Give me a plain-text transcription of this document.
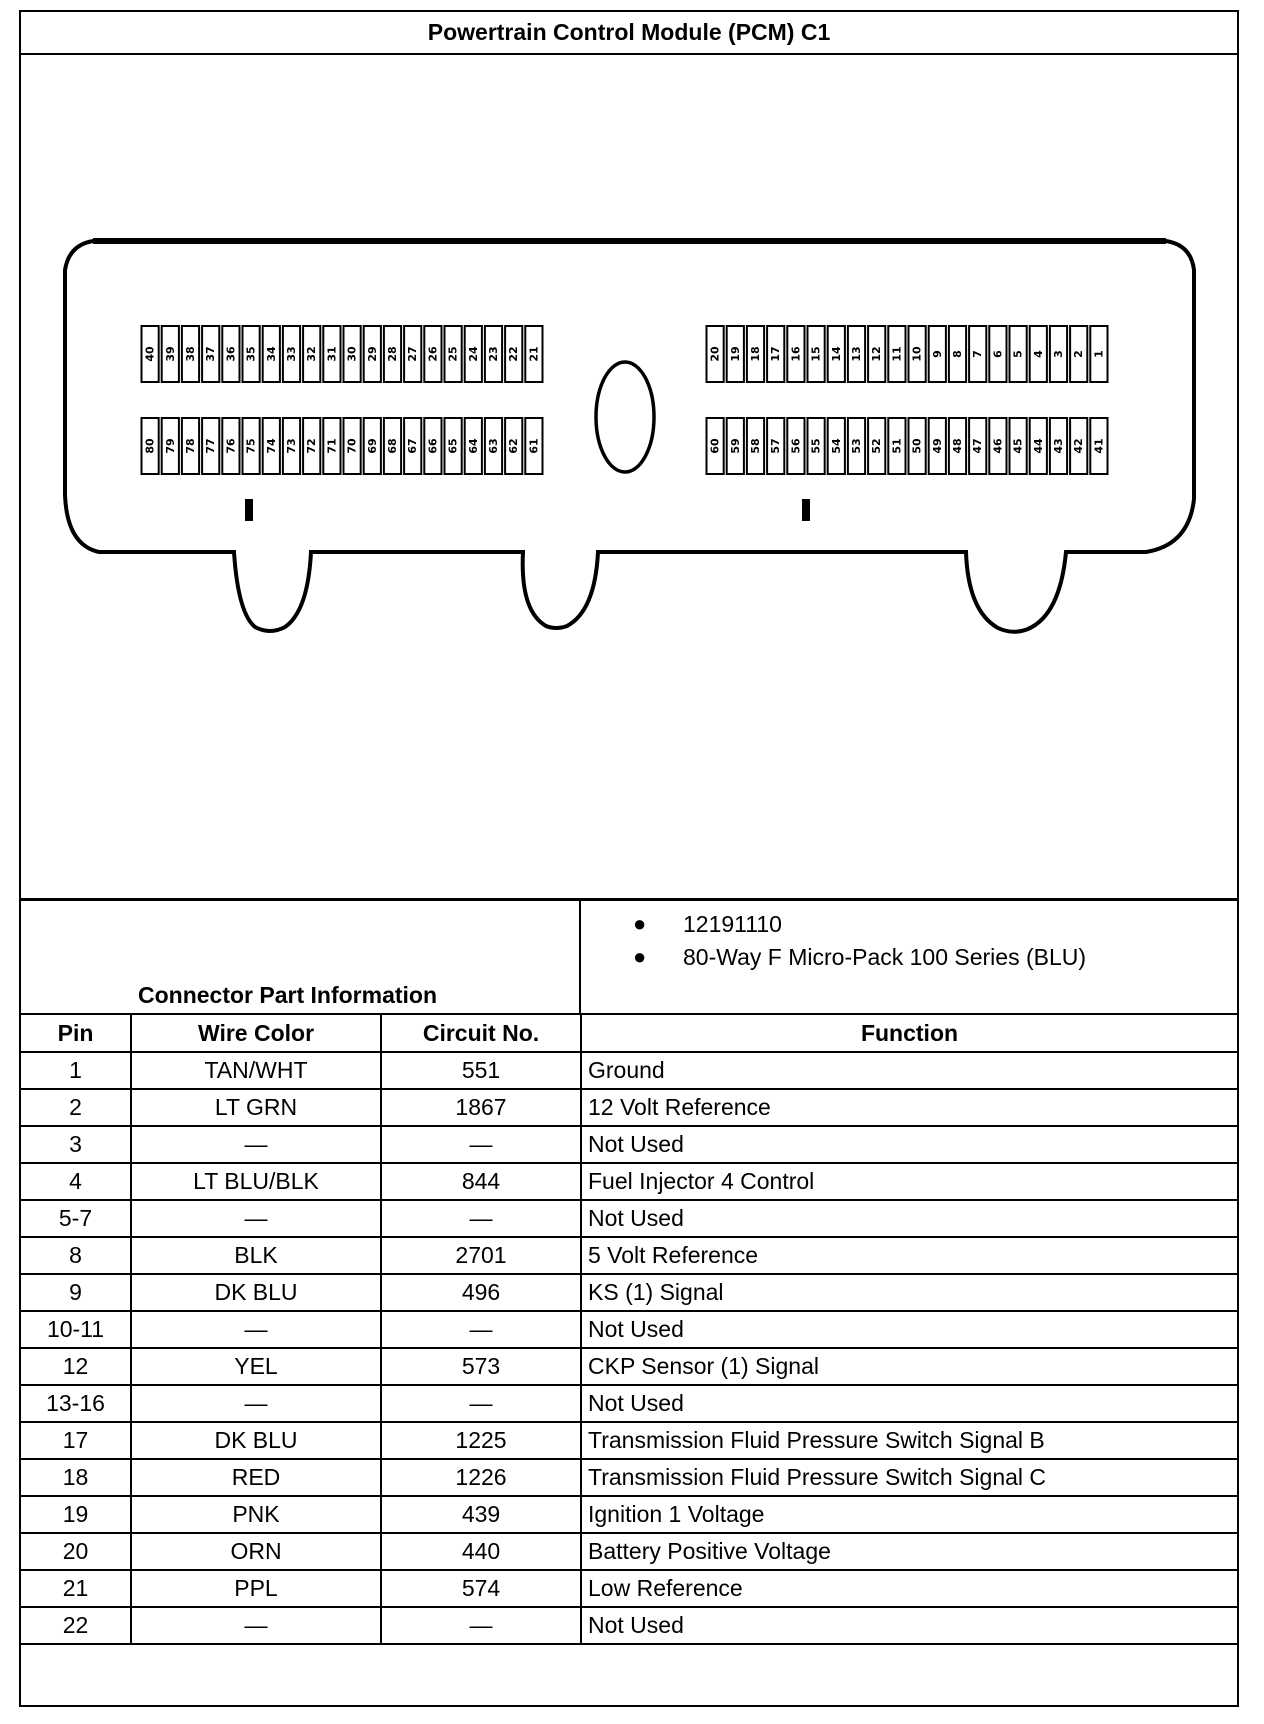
Powertrain Control Module (PCM) C1
40 39 38 37 36 35 34 33 32 31 30 29 28 27 26 25 24 23 22 21	20 19 18 17 16 15 14 13 12 11 10 9 8 7 6 5 4 3 2 1
80 79 78 77 76 75 74 73 72 71 70 69 68 67 66 65 64 63 62 61	60 59 58 57 56 55 54 53 52 51 50 49 48 47 46 45 44 43 42 41
Connector Part Information
● 12191110
● 80-Way F Micro-Pack 100 Series (BLU)
Pin	Wire Color	Circuit No.	Function
1	TAN/WHT	551	Ground
2	LT GRN	1867	12 Volt Reference
3	—	—	Not Used
4	LT BLU/BLK	844	Fuel Injector 4 Control
5-7	—	—	Not Used
8	BLK	2701	5 Volt Reference
9	DK BLU	496	KS (1) Signal
10-11	—	—	Not Used
12	YEL	573	CKP Sensor (1) Signal
13-16	—	—	Not Used
17	DK BLU	1225	Transmission Fluid Pressure Switch Signal B
18	RED	1226	Transmission Fluid Pressure Switch Signal C
19	PNK	439	Ignition 1 Voltage
20	ORN	440	Battery Positive Voltage
21	PPL	574	Low Reference
22	—	—	Not Used
